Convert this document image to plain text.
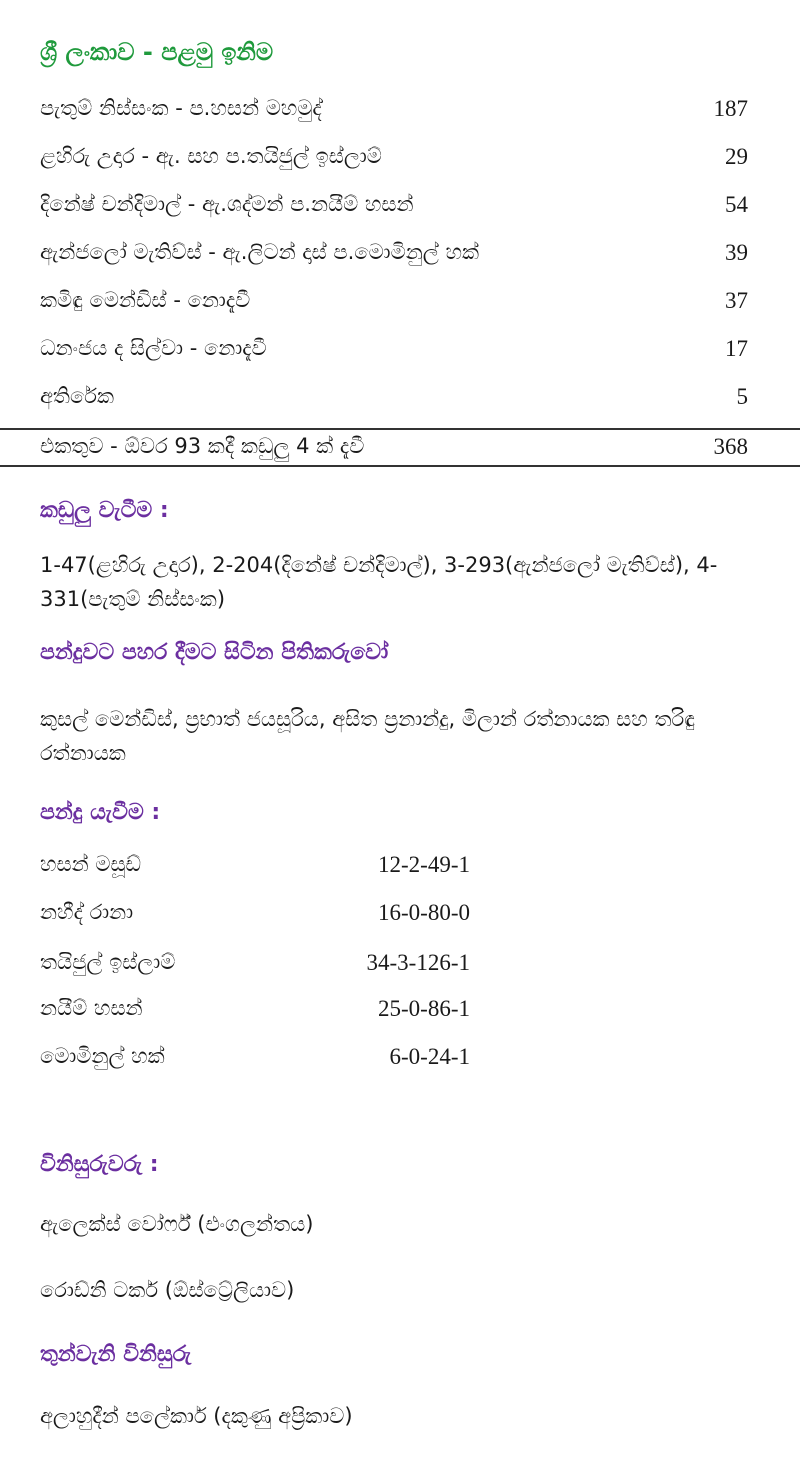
ශ්‍රී ලංකාව - පළමු ඉනිම
පැතුම් නිස්සංක - ප.හසන් මහමුද්	187
ළහිරු උදාර - ඇ. සහ ප.තයිජුල් ඉස්ලාම්	29
දිනේෂ් චන්දිමාල් - ඇ.ශද්මන් ප.නයීම් හසන්	54
ඇන්ජලෝ මැතිව්ස් - ඇ.ලිටන් දාස් ප.මොමිනුල් හක්	39
කමිඳු මෙන්ඩිස් - නොදැවී	37
ධනංජය ද සිල්වා - නොදැවී	17
අතිරේක	5
එකතුව - ඕවර 93 කදී කඩුලු 4 ක් දැවී	368
කඩුලු වැටීම :
1-47(ළහිරු උදාර), 2-204(දිනේෂ් චන්දිමාල්), 3-293(ඇන්ජලෝ මැතිව්ස්), 4-331(පැතුම් නිස්සංක)
පන්දුවට පහර දීමට සිටින පිතිකරුවෝ
කුසල් මෙන්ඩිස්, ප්‍රභාත් ජයසූරිය, අසිත ප්‍රනාන්දු, මිලාන් රත්නායක සහ තරිඳු රත්නායක
පන්දු යැවීම :
හසන් මසූඩ්	12-2-49-1
නහීද් රානා	16-0-80-0
තයිජුල් ඉස්ලාම්	34-3-126-1
නයීම් හසන්	25-0-86-1
මොමිනුල් හක්	6-0-24-1
විනිසුරුවරු :
ඇලෙක්ස් වෝර්ෆ් (එංගලන්තය)
රොඩ්නි ටකර් (ඕස්ට්‍රේලියාව)
තුන්වැනි විනිසුරු
අලාහුදීන් පලේකාර් (දකුණු අප්‍රිකාව)
